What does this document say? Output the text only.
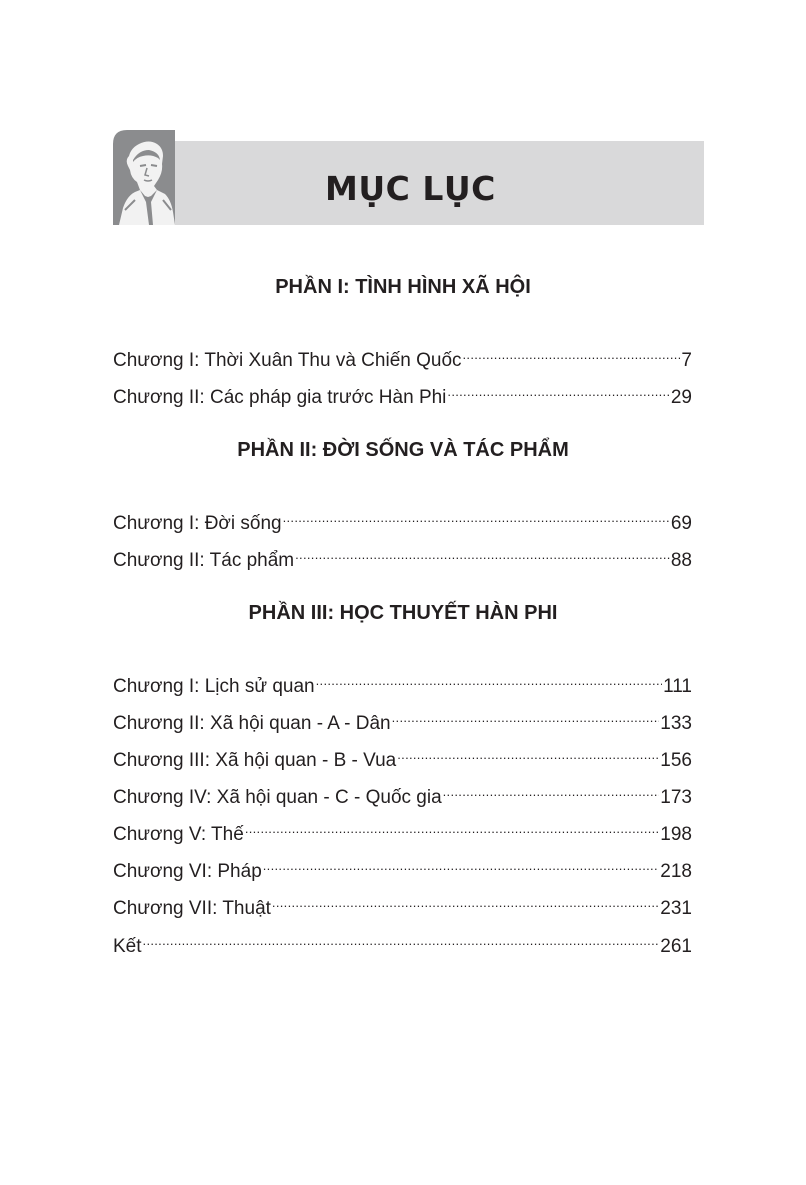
MỤC LỤC
PHẦN I: TÌNH HÌNH XÃ HỘI
Chương I: Thời Xuân Thu và Chiến Quốc .....	7
Chương II: Các pháp gia trước Hàn Phi .....	29
PHẦN II: ĐỜI SỐNG VÀ TÁC PHẨM
Chương I: Đời sống .....	69
Chương II: Tác phẩm .....	88
PHẦN III: HỌC THUYẾT HÀN PHI
Chương I: Lịch sử quan .....	111
Chương II: Xã hội quan - A - Dân .....	133
Chương III: Xã hội quan - B - Vua .....	156
Chương IV: Xã hội quan - C - Quốc gia .....	173
Chương V: Thế .....	198
Chương VI: Pháp .....	218
Chương VII: Thuật .....	231
Kết .....	261
